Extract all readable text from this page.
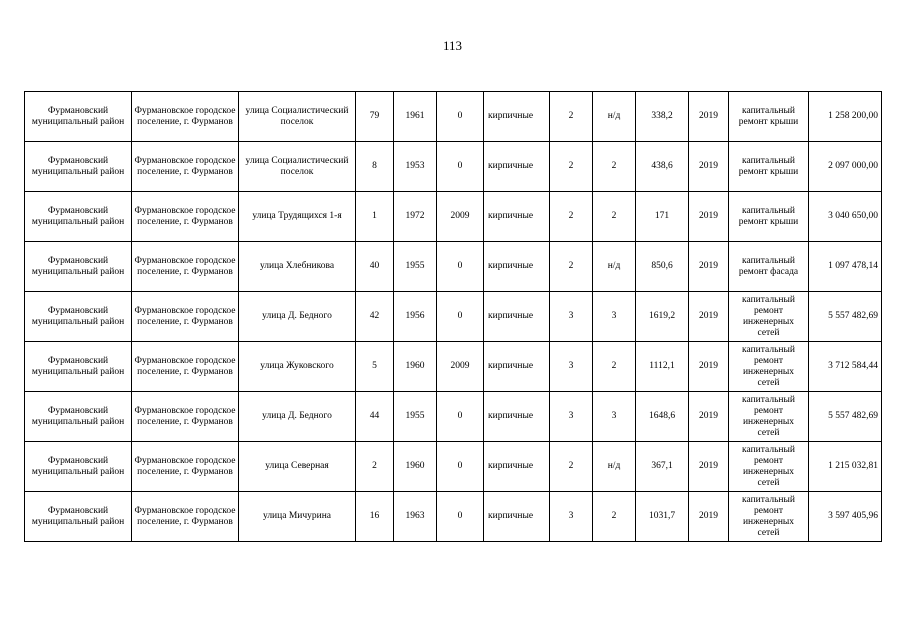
113
Фурмановский муниципальный район	Фурмановское городское поселение, г. Фурманов	улица Социалистический поселок	79	1961	0	кирпичные	2	н/д	338,2	2019	капитальный ремонт крыши	1 258 200,00
Фурмановский муниципальный район	Фурмановское городское поселение, г. Фурманов	улица Социалистический поселок	8	1953	0	кирпичные	2	2	438,6	2019	капитальный ремонт крыши	2 097 000,00
Фурмановский муниципальный район	Фурмановское городское поселение, г. Фурманов	улица Трудящихся 1-я	1	1972	2009	кирпичные	2	2	171	2019	капитальный ремонт крыши	3 040 650,00
Фурмановский муниципальный район	Фурмановское городское поселение, г. Фурманов	улица Хлебникова	40	1955	0	кирпичные	2	н/д	850,6	2019	капитальный ремонт фасада	1 097 478,14
Фурмановский муниципальный район	Фурмановское городское поселение, г. Фурманов	улица Д. Бедного	42	1956	0	кирпичные	3	3	1619,2	2019	капитальный ремонт инженерных сетей	5 557 482,69
Фурмановский муниципальный район	Фурмановское городское поселение, г. Фурманов	улица Жуковского	5	1960	2009	кирпичные	3	2	1112,1	2019	капитальный ремонт инженерных сетей	3 712 584,44
Фурмановский муниципальный район	Фурмановское городское поселение, г. Фурманов	улица Д. Бедного	44	1955	0	кирпичные	3	3	1648,6	2019	капитальный ремонт инженерных сетей	5 557 482,69
Фурмановский муниципальный район	Фурмановское городское поселение, г. Фурманов	улица Северная	2	1960	0	кирпичные	2	н/д	367,1	2019	капитальный ремонт инженерных сетей	1 215 032,81
Фурмановский муниципальный район	Фурмановское городское поселение, г. Фурманов	улица Мичурина	16	1963	0	кирпичные	3	2	1031,7	2019	капитальный ремонт инженерных сетей	3 597 405,96
